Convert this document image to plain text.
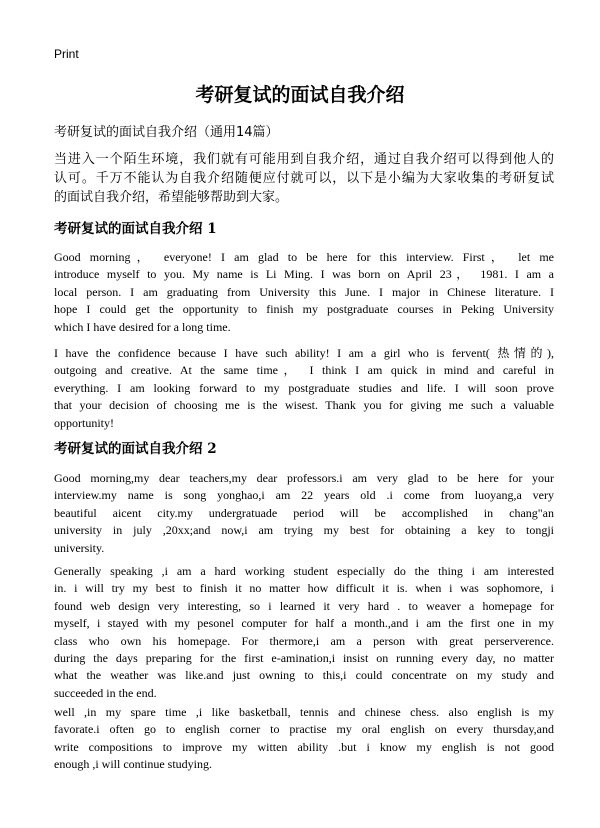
Print
考研复试的面试自我介绍
考研复试的面试自我介绍（通用14篇）

当进入一个陌生环境，我们就有可能用到自我介绍，通过自我介绍可以得到他人的

认可。千万不能认为自我介绍随便应付就可以，以下是小编为大家收集的考研复试

的面试自我介绍，希望能够帮助到大家。

考研复试的面试自我介绍 1

Good morning， everyone! I am glad to be here for this interview. First， let me

introduce myself to you. My name is Li Ming. I was born on April 23， 1981. I am a

local person. I am graduating from University this June. I major in Chinese literature. I

hope I could get the opportunity to finish my postgraduate courses in Peking University

which I have desired for a long time.

I have the confidence because I have such ability! I am a girl who is fervent( 热情的),

outgoing and creative. At the same time， I think I am quick in mind and careful in

everything. I am looking forward to my postgraduate studies and life. I will soon prove

that your decision of choosing me is the wisest. Thank you for giving me such a valuable

opportunity!

考研复试的面试自我介绍 2

Good morning,my dear teachers,my dear professors.i am very glad to be here for your

interview.my name is song yonghao,i am 22 years old .i come from luoyang,a very

beautiful aicent city.my undergratuade period will be accomplished in chang"an

university in july ,20xx;and now,i am trying my best for obtaining a key to tongji

university.

Generally speaking ,i am a hard working student especially do the thing i am interested

in. i will try my best to finish it no matter how difficult it is. when i was sophomore, i

found web design very interesting, so i learned it very hard . to weaver a homepage for

myself, i stayed with my pesonel computer for half a month.,and i am the first one in my

class who own his homepage. For thermore,i am a person with great perserverence.

during the days preparing for the first e-amination,i insist on running every day, no matter

what the weather was like.and just owning to this,i could concentrate on my study and

succeeded in the end.

well ,in my spare time ,i like basketball, tennis and chinese chess. also english is my

favorate.i often go to english corner to practise my oral english on every thursday,and

write compositions to improve my witten ability .but i know my english is not good

enough ,i will continue studying.
